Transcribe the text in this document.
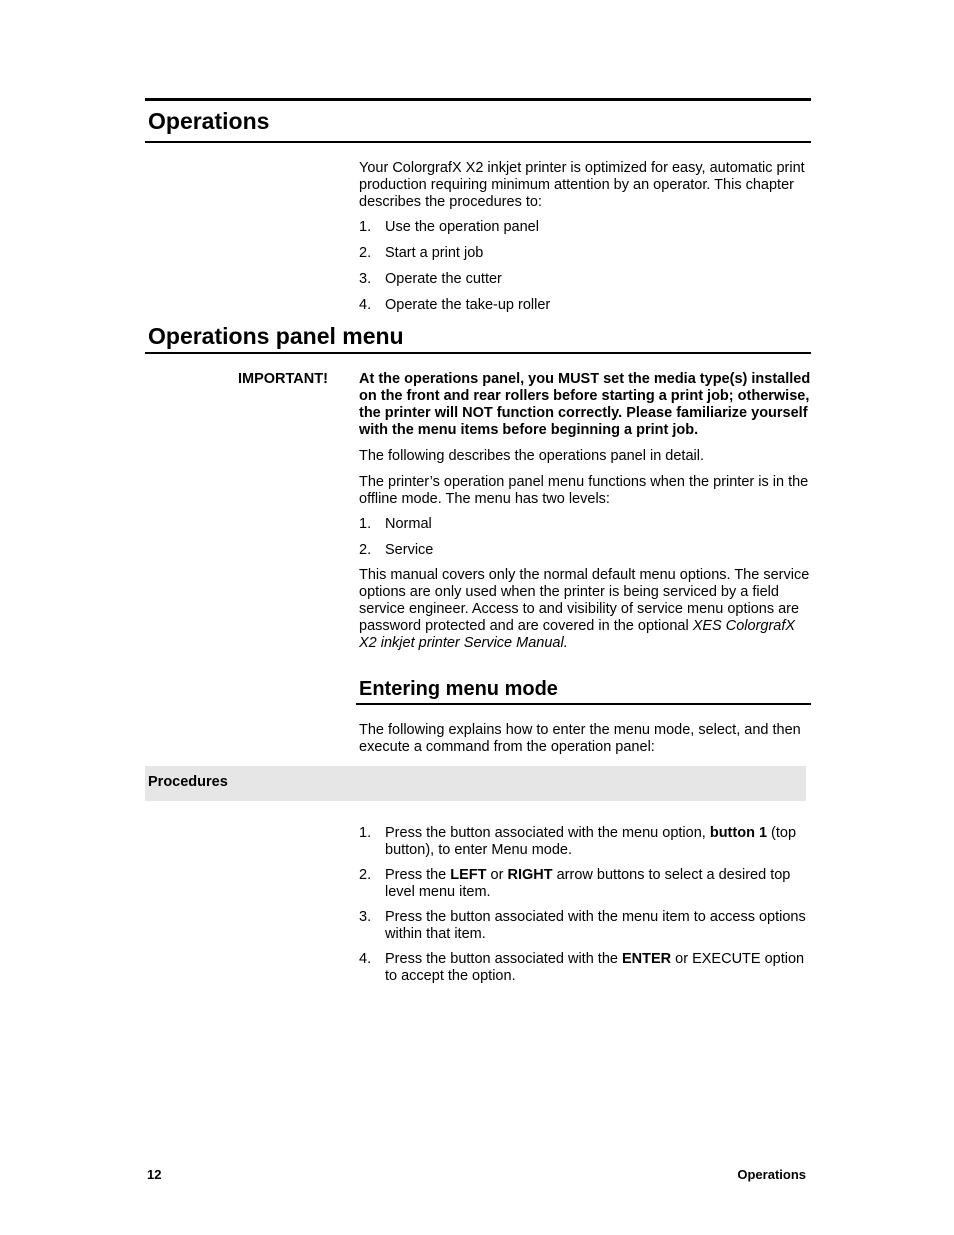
Operations

Your ColorgrafX X2 inkjet printer is optimized for easy, automatic print production requiring minimum attention by an operator. This chapter describes the procedures to:

1. Use the operation panel
2. Start a print job
3. Operate the cutter
4. Operate the take-up roller
Operations panel menu
IMPORTANT! At the operations panel, you MUST set the media type(s) installed on the front and rear rollers before starting a print job; otherwise, the printer will NOT function correctly. Please familiarize yourself with the menu items before beginning a print job.

The following describes the operations panel in detail.

The printer’s operation panel menu functions when the printer is in the offline mode. The menu has two levels:

1. Normal
2. Service

This manual covers only the normal default menu options. The service options are only used when the printer is being serviced by a field service engineer. Access to and visibility of service menu options are password protected and are covered in the optional XES ColorgrafX X2 inkjet printer Service Manual.

Entering menu mode

The following explains how to enter the menu mode, select, and then execute a command from the operation panel:

Procedures
1. Press the button associated with the menu option, button 1 (top button), to enter Menu mode.
2. Press the LEFT or RIGHT arrow buttons to select a desired top level menu item.
3. Press the button associated with the menu item to access options within that item.
4. Press the button associated with the ENTER or EXECUTE option to accept the option.
12	Operations
